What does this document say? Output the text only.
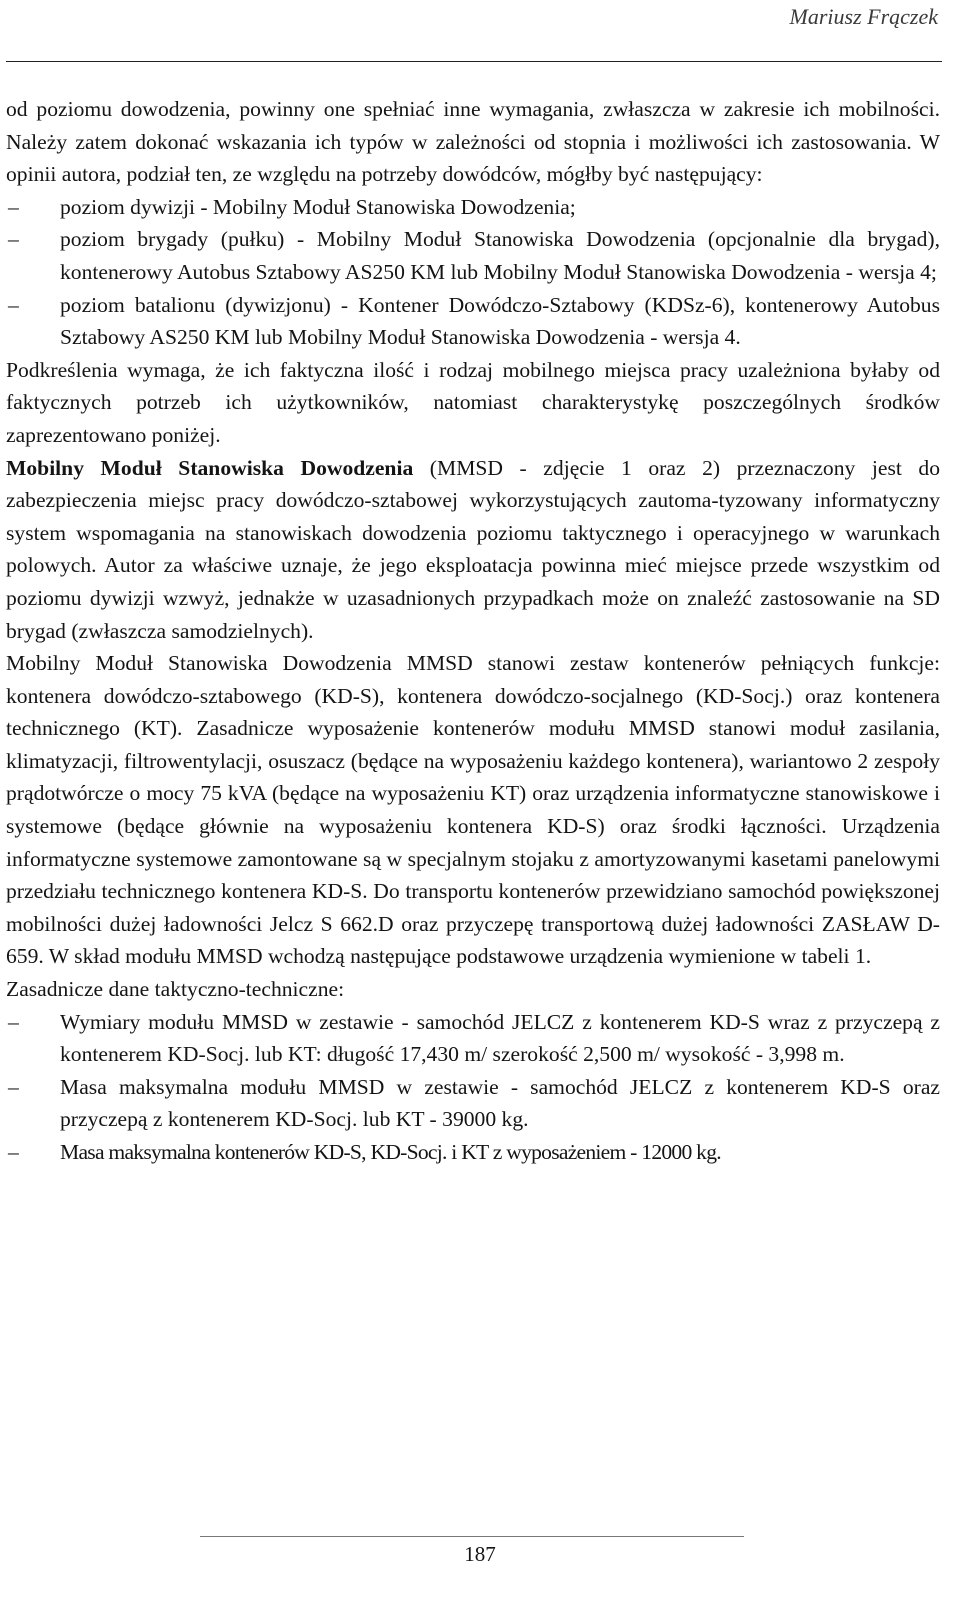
Mariusz Frączek

od poziomu dowodzenia, powinny one spełniać inne wymagania, zwłaszcza w zakresie ich mobilności. Należy zatem dokonać wskazania ich typów w zależności od stopnia i możliwości ich zastosowania. W opinii autora, podział ten, ze względu na potrzeby dowódców, mógłby być następujący:

– poziom dywizji - Mobilny Moduł Stanowiska Dowodzenia;
– poziom brygady (pułku) - Mobilny Moduł Stanowiska Dowodzenia (opcjonalnie dla brygad), kontenerowy Autobus Sztabowy AS250 KM lub Mobilny Moduł Stanowiska Dowodzenia - wersja 4;
– poziom batalionu (dywizjonu) - Kontener Dowódczo-Sztabowy (KDSz-6), kontenerowy Autobus Sztabowy AS250 KM lub Mobilny Moduł Stanowiska Dowodzenia - wersja 4.

Podkreślenia wymaga, że ich faktyczna ilość i rodzaj mobilnego miejsca pracy uzależniona byłaby od faktycznych potrzeb ich użytkowników, natomiast charakterystykę poszczególnych środków zaprezentowano poniżej.

Mobilny Moduł Stanowiska Dowodzenia (MMSD - zdjęcie 1 oraz 2) przeznaczony jest do zabezpieczenia miejsc pracy dowódczo-sztabowej wykorzystujących zautoma-tyzowany informatyczny system wspomagania na stanowiskach dowodzenia poziomu taktycznego i operacyjnego w warunkach polowych. Autor za właściwe uznaje, że jego eksploatacja powinna mieć miejsce przede wszystkim od poziomu dywizji wzwyż, jednakże w uzasadnionych przypadkach może on znaleźć zastosowanie na SD brygad (zwłaszcza samodzielnych).

Mobilny Moduł Stanowiska Dowodzenia MMSD stanowi zestaw kontenerów pełniących funkcje: kontenera dowódczo-sztabowego (KD-S), kontenera dowódczo-socjalnego (KD-Socj.) oraz kontenera technicznego (KT). Zasadnicze wyposażenie kontenerów modułu MMSD stanowi moduł zasilania, klimatyzacji, filtrowentylacji, osuszacz (będące na wyposażeniu każdego kontenera), wariantowo 2 zespoły prądotwórcze o mocy 75 kVA (będące na wyposażeniu KT) oraz urządzenia informatyczne stanowiskowe i systemowe (będące głównie na wyposażeniu kontenera KD-S) oraz środki łączności. Urządzenia informatyczne systemowe zamontowane są w specjalnym stojaku z amortyzowanymi kasetami panelowymi przedziału technicznego kontenera KD-S. Do transportu kontenerów przewidziano samochód powiększonej mobilności dużej ładowności Jelcz S 662.D oraz przyczepę transportową dużej ładowności ZASŁAW D-659. W skład modułu MMSD wchodzą następujące podstawowe urządzenia wymienione w tabeli 1.

Zasadnicze dane taktyczno-techniczne:

– Wymiary modułu MMSD w zestawie - samochód JELCZ z kontenerem KD-S wraz z przyczepą z kontenerem KD-Socj. lub KT: długość 17,430 m/ szerokość 2,500 m/ wysokość - 3,998 m.
– Masa maksymalna modułu MMSD w zestawie - samochód JELCZ z kontenerem KD-S oraz przyczepą z kontenerem KD-Socj. lub KT - 39000 kg.
– Masa maksymalna kontenerów KD-S, KD-Socj. i KT z wyposażeniem - 12000 kg.
187
